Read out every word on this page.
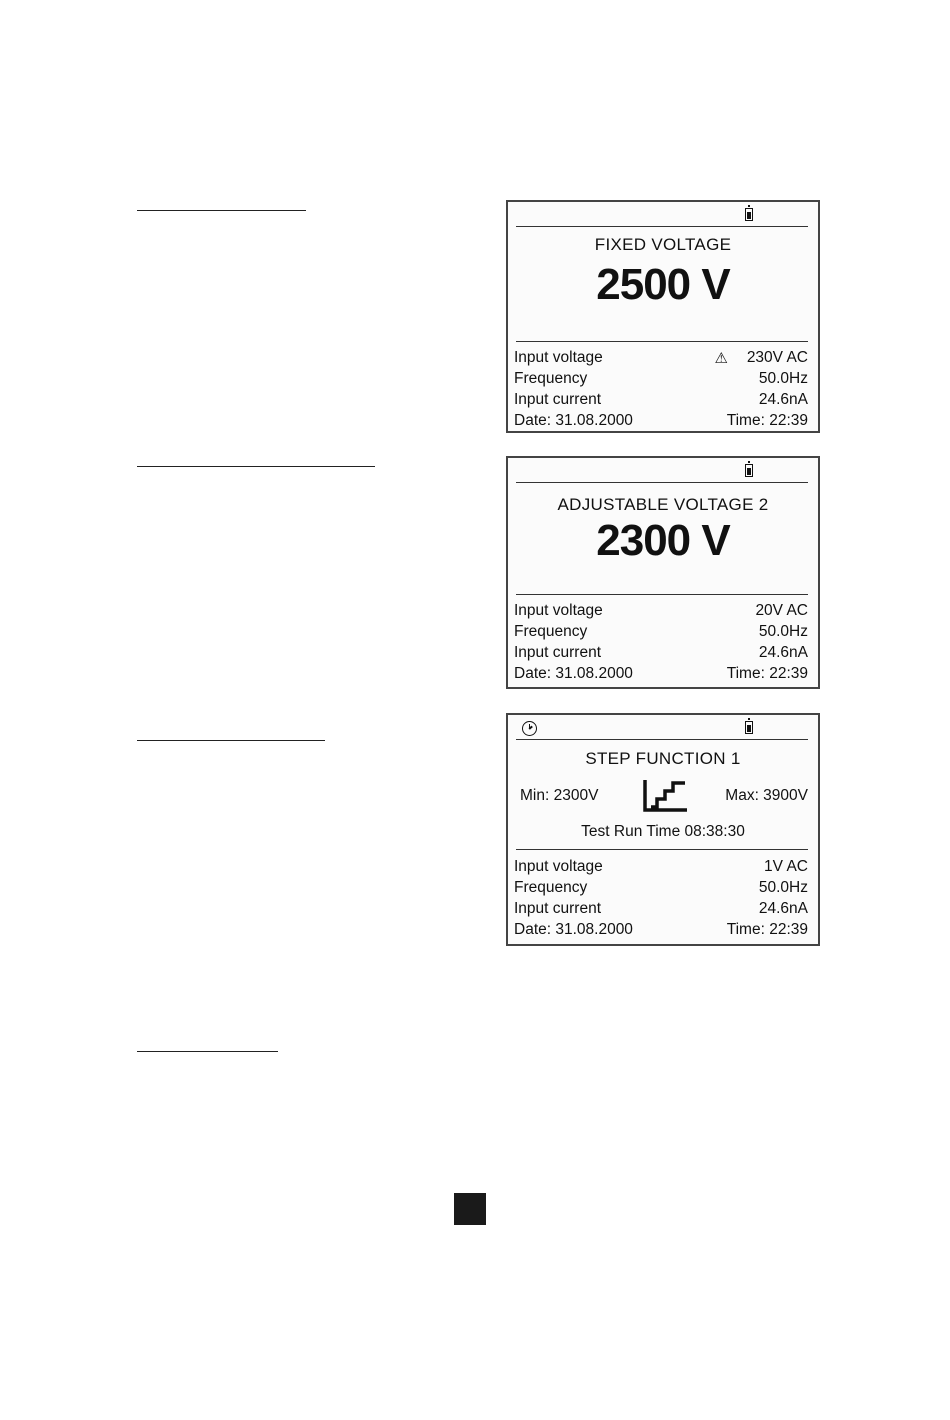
FIXED VOLTAGE
2500 V
Input voltage	⚠ 230V AC
Frequency	50.0Hz
Input current	24.6nA
Date: 31.08.2000	Time: 22:39
ADJUSTABLE VOLTAGE 2
2300 V
Input voltage	20V AC
Frequency	50.0Hz
Input current	24.6nA
Date: 31.08.2000	Time: 22:39
STEP FUNCTION 1
Min: 2300V	Max: 3900V
Test Run Time 08:38:30
Input voltage	1V AC
Frequency	50.0Hz
Input current	24.6nA
Date: 31.08.2000	Time: 22:39
